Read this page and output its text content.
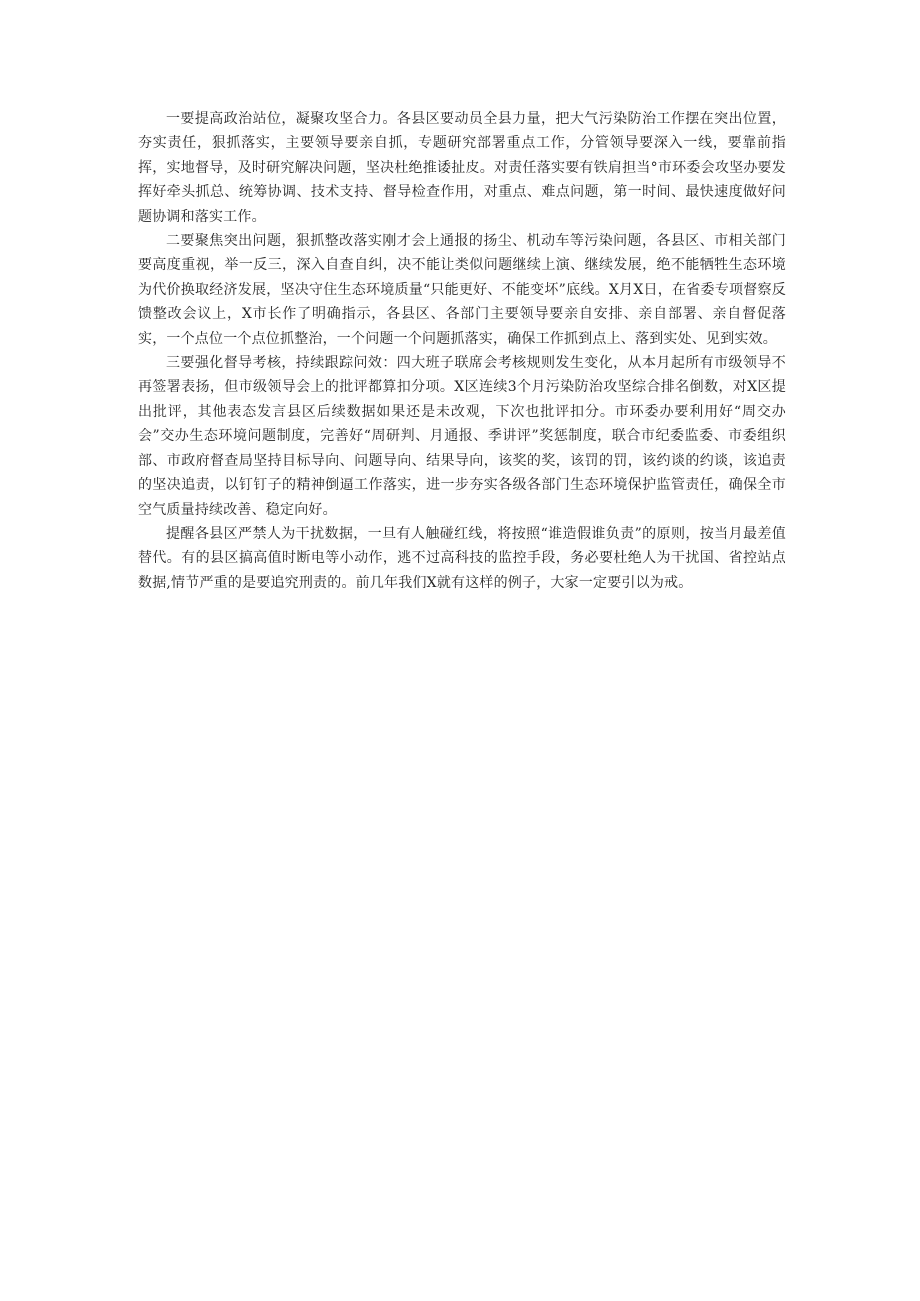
一要提高政治站位，凝聚攻坚合力。各县区要动员全县力量，把大气污染防治工作摆在突出位置，夯实责任，狠抓落实，主要领导要亲自抓，专题研究部署重点工作，分管领导要深入一线，要靠前指挥，实地督导，及时研究解决问题，坚决杜绝推诿扯皮。对责任落实要有铁肩担当°市环委会攻坚办要发挥好牵头抓总、统筹协调、技术支持、督导检查作用，对重点、难点问题，第一时间、最快速度做好问题协调和落实工作。

二要聚焦突出问题，狠抓整改落实刚才会上通报的扬尘、机动车等污染问题，各县区、市相关部门要高度重视，举一反三，深入自查自纠，决不能让类似问题继续上演、继续发展，绝不能牺牲生态环境为代价换取经济发展，坚决守住生态环境质量“只能更好、不能变坏”底线。X月X日，在省委专项督察反馈整改会议上，X市长作了明确指示，各县区、各部门主要领导要亲自安排、亲自部署、亲自督促落实，一个点位一个点位抓整治，一个问题一个问题抓落实，确保工作抓到点上、落到实处、见到实效。

三要强化督导考核，持续跟踪问效：四大班子联席会考核规则发生变化，从本月起所有市级领导不再签署表扬，但市级领导会上的批评都算扣分项。X区连续3个月污染防治攻坚综合排名倒数，对X区提出批评，其他表态发言县区后续数据如果还是未改观，下次也批评扣分。市环委办要利用好“周交办会”交办生态环境问题制度，完善好“周研判、月通报、季讲评”奖惩制度，联合市纪委监委、市委组织部、市政府督查局坚持目标导向、问题导向、结果导向，该奖的奖，该罚的罚，该约谈的约谈，该追责的坚决追责，以钉钉子的精神倒逼工作落实，进一步夯实各级各部门生态环境保护监管责任，确保全市空气质量持续改善、稳定向好。

提醒各县区严禁人为干扰数据，一旦有人触碰红线，将按照“谁造假谁负责”的原则，按当月最差值替代。有的县区搞高值时断电等小动作，逃不过高科技的监控手段，务必要杜绝人为干扰国、省控站点数据,情节严重的是要追究刑责的。前几年我们X就有这样的例子，大家一定要引以为戒。
